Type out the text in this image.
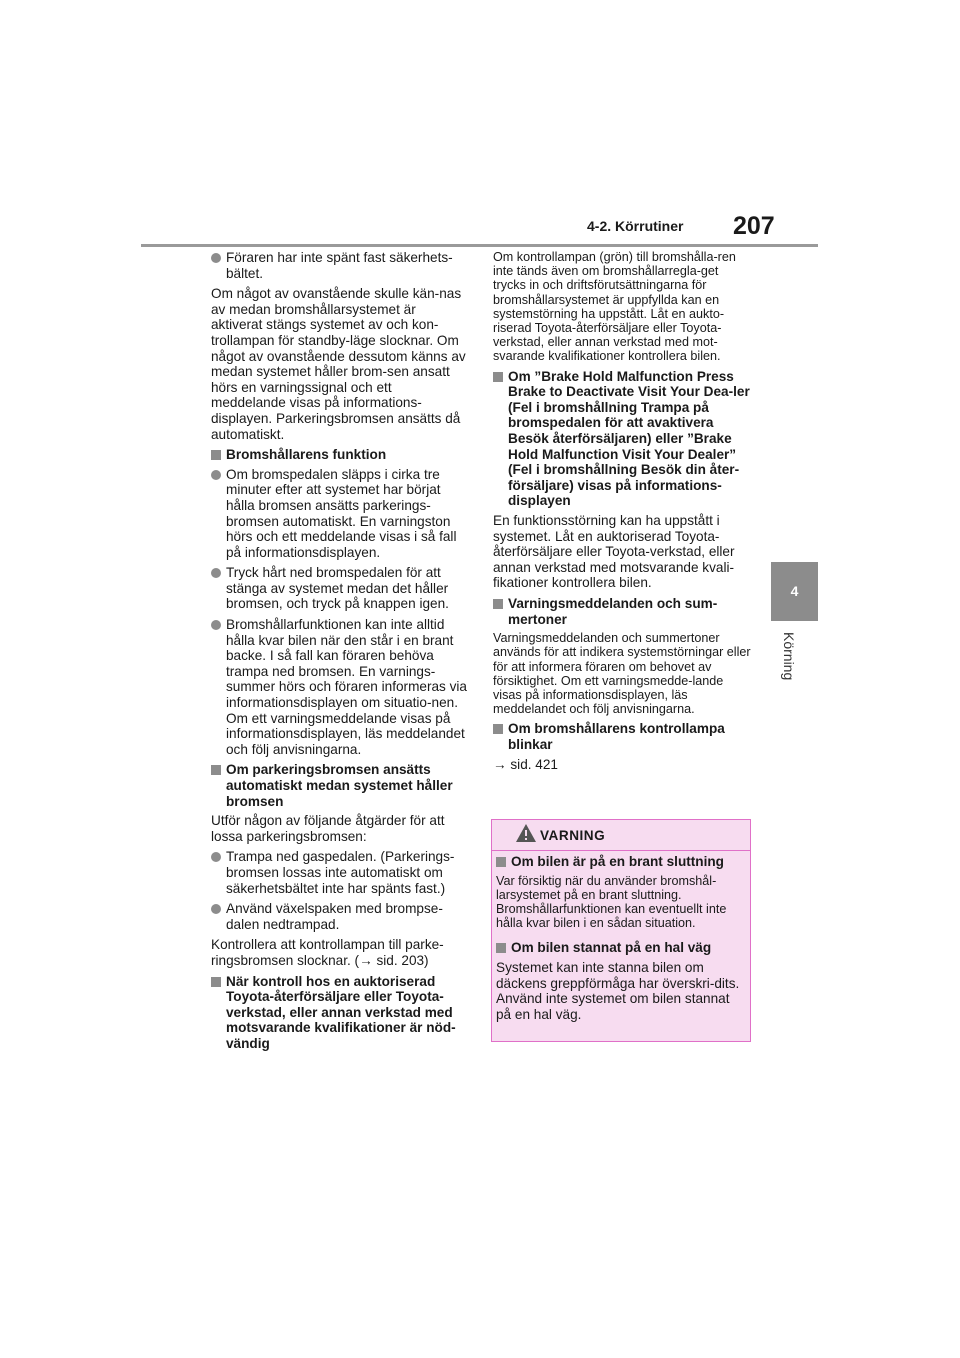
4-2. Körrutiner 207
4
Körning
Föraren har inte spänt fast säkerhets-bältet.

Om något av ovanstående skulle kän-nas av medan bromshållarsystemet är aktiverat stängs systemet av och kon-trollampan för standby-läge slocknar. Om något av ovanstående dessutom känns av medan systemet håller brom-sen ansatt hörs en varningssignal och ett meddelande visas på informations-displayen. Parkeringsbromsen ansätts då automatiskt.

Bromshållarens funktion
Om bromspedalen släpps i cirka tre minuter efter att systemet har börjat hålla bromsen ansätts parkerings-bromsen automatiskt. En varningston hörs och ett meddelande visas i så fall på informationsdisplayen.
Tryck hårt ned bromspedalen för att stänga av systemet medan det håller bromsen, och tryck på knappen igen.
Bromshållarfunktionen kan inte alltid hålla kvar bilen när den står i en brant backe. I så fall kan föraren behöva trampa ned bromsen. En varnings-summer hörs och föraren informeras via informationsdisplayen om situatio-nen. Om ett varningsmeddelande visas på informationsdisplayen, läs meddelandet och följ anvisningarna.
Om parkeringsbromsen ansätts automatiskt medan systemet håller bromsen

Utför någon av följande åtgärder för att lossa parkeringsbromsen:

Trampa ned gaspedalen. (Parkerings-bromsen lossas inte automatiskt om säkerhetsbältet inte har spänts fast.)
Använd växelspaken med brompse-dalen nedtrampad.

Kontrollera att kontrollampan till parke-ringsbromsen slocknar. (→ sid. 203)

När kontroll hos en auktoriserad Toyota-återförsäljare eller Toyota-verkstad, eller annan verkstad med motsvarande kvalifikationer är nöd-vändig

Om kontrollampan (grön) till bromshålla-ren inte tänds även om bromshållarregla-get trycks in och driftsförutsättningarna för bromshållarsystemet är uppfyllda kan en systemstörning ha uppstått. Låt en aukto-riserad Toyota-återförsäljare eller Toyota-verkstad, eller annan verkstad med mot-svarande kvalifikationer kontrollera bilen.

Om ”Brake Hold Malfunction Press Brake to Deactivate Visit Your Dea-ler (Fel i bromshållning Trampa på bromspedalen för att avaktivera Besök återförsäljaren) eller ”Brake Hold Malfunction Visit Your Dealer” (Fel i bromshållning Besök din åter-försäljare) visas på informations-displayen

En funktionsstörning kan ha uppstått i systemet. Låt en auktoriserad Toyota-återförsäljare eller Toyota-verkstad, eller annan verkstad med motsvarande kvali-fikationer kontrollera bilen.

Varningsmeddelanden och sum-mertoner

Varningsmeddelanden och summertoner används för att indikera systemstörningar eller för att informera föraren om behovet av försiktighet. Om ett varningsmedde-lande visas på informationsdisplayen, läs meddelandet och följ anvisningarna.

Om bromshållarens kontrollampa blinkar

→ sid. 421

VARNING
Om bilen är på en brant sluttning

Var försiktig när du använder bromshål-larsystemet på en brant sluttning. Bromshållarfunktionen kan eventuellt inte hålla kvar bilen i en sådan situation.

Om bilen stannat på en hal väg

Systemet kan inte stanna bilen om däckens greppförmåga har överskri-dits. Använd inte systemet om bilen stannat på en hal väg.
